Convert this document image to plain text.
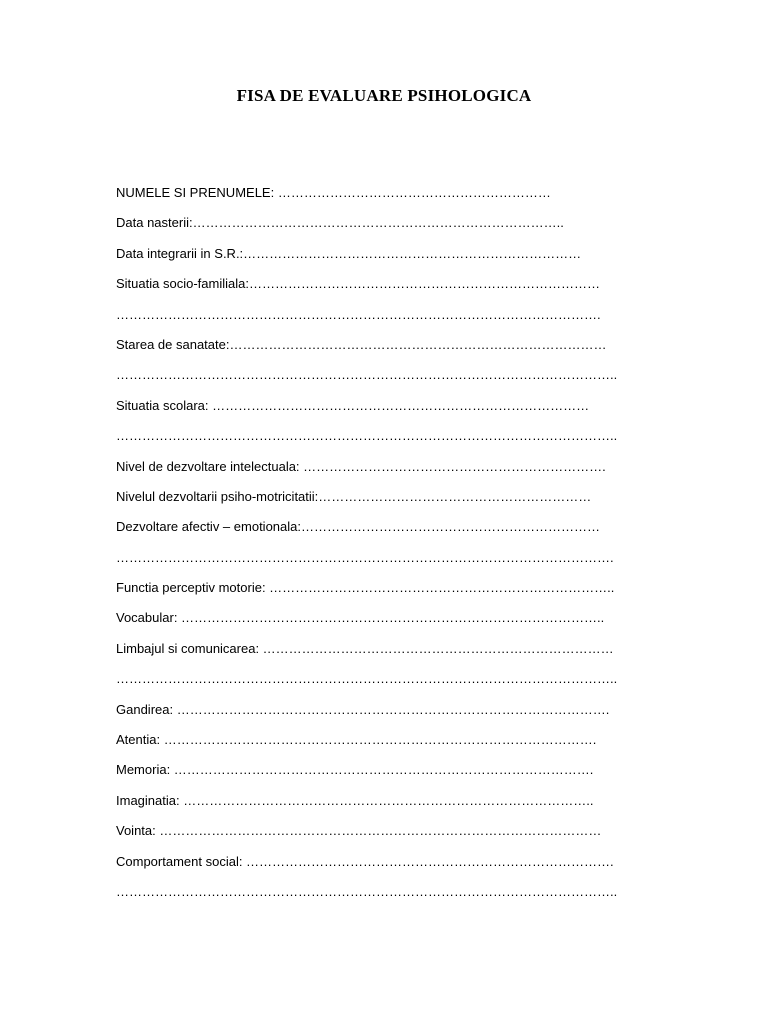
FISA DE EVALUARE PSIHOLOGICA
NUMELE SI PRENUMELE: ………………………………………………………
Data nasterii:…………………………………………………………………………..
Data integrarii in S.R.:……………………………………………………………………
Situatia socio-familiala:………………………………………………………………………
………………………………………………………………………………………………….
Starea de sanatate:……………………………………………………………………………
……………………………………………………………………………………………………..
Situatia scolara: ……………………………………………………………………………
……………………………………………………………………………………………………..
Nivel de dezvoltare intelectuala: …………………………………………………………….
Nivelul dezvoltarii psiho-motricitatii:………………………………………………………
Dezvoltare afectiv – emotionala:……………………………………………………………
…………………………………………………………………………………………………….
Functia perceptiv motorie: ……………………………………………………………………..
Vocabular: ……………………………………………………………………………………..
Limbajul si comunicarea: ………………………………………………………………………
……………………………………………………………………………………………………..
Gandirea: ……………………………………………………………………………………….
Atentia: ……………………………………………………………………………………….
Memoria: …………………………………………………………………………………….
Imaginatia: …………………………………………………………………………………..
Vointa: …………………………………………………………………………………………
Comportament social: ………………………………………………………………………….
……………………………………………………………………………………………………..
